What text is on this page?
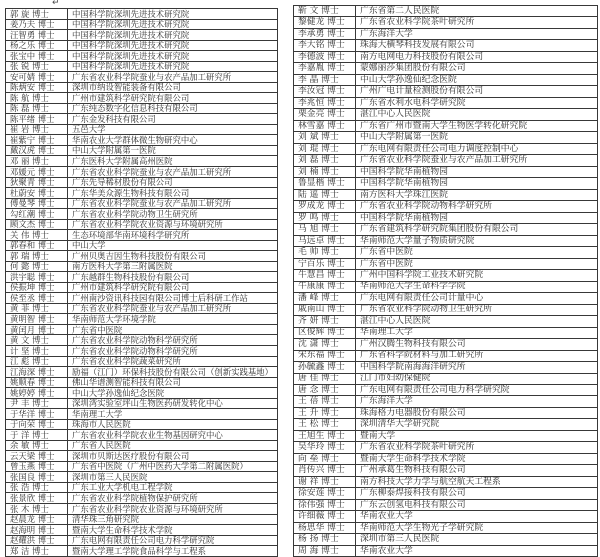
↵
郭 旋 博士	中国科学院深圳先进技术研究院
姜乃夫 博士	中国科学院深圳先进技术研究院
汪智勇 博士	中国科学院深圳先进技术研究院
杨之乐 博士	中国科学院深圳先进技术研究院
张宝中 博士	中国科学院深圳先进技术研究院
张 锐 博士	中国科学院深圳先进技术研究院
安可婧 博士	广东省农业科学院蚕业与农产品加工研究所
陈炳安 博士	深圳市纳设智能装备有限公司
陈 航 博士	广州市建筑科学研究院有限公司
陈 磊 博士	广东纯态数字化信息科技有限公司
陈平绪 博士	广东金发科技有限公司
崔 岩 博士	五邑大学
崔紫宁 博士	华南农业大学群体微生物研究中心
戴汉虎 博士	中山大学附属第一医院
邓 丽 博士	广东医科大学附属高州医院
邓媛元 博士	广东省农业科学院蚕业与农产品加工研究所
狄聚青 博士	广东先导稀材股份有限公司
杜蔚安 博士	广东华美众源生物科技有限公司
傅曼琴 博士	广东省农业科学院蚕业与农产品加工研究所
勾红潮 博士	广东省农业科学院动物卫生研究所
顾文杰 博士	广东省农业科学院农业资源与环境研究所
关 伟 博士	生态环境部华南环境科学研究所
郭春和 博士	中山大学
郭 瑞 博士	广州贝奥吉因生物科技股份有限公司
何 懿 博士	南方医科大学第三附属医院
洪宇聪 博士	广东越群生物科技股份有限公司
侯振坤 博士	广州市建筑科学研究院有限公司
侯至丞 博士	广州南沙资讯科技园有限公司博士后科研工作站
黄 菲 博士	广东省农业科学院蚕业与农产品加工研究所
黄明智 博士	华南师范大学环境学院
黄闰月 博士	广东省中医院
黄 文 博士	广东省农业科学院动物科学研究所
计 坚 博士	广东省农业科学院动物科学研究所
江 彪 博士	广东省农业科学院蔬菜研究所
江海深 博士	励福（江门）环保科技股份有限公司（创新实践基地）
姚顺春 博士	佛山华谱测智能科技有限公司
姚婷婷 博士	中山大学孙逸仙纪念医院
尹 丰 博士	深圳湾实验室坪山生物医药研发转化中心
于华洋 博士	华南理工大学
于向荣 博士	珠海市人民医院
于 洋 博士	广东省农业科学院农业生物基因研究中心
余 敏 博士	广东省人民医院
云天梁 博士	深圳市贝斯达医疗股份有限公司
曾玉燕 博士	广东省中医院（广州中医药大学第二附属医院）
张国良 博士	深圳市第三人民医院
张 浩 博士	广东工业大学机电工程学院
张景欣 博士	广东省农业科学院植物保护研究所
张 木 博士	广东省农业科学院农业资源与环境研究所
赵晨龙 博士	清华珠三角研究院
赵海明 博士	暨南大学生命科学技术学院
赵耀洪 博士	广东电网有限责任公司电力科学研究院
郑 洁 博士	暨南大学理工学院食品科学与工程系
靳 文 博士	广东省第二人民医院
黎健龙 博士	广东省农业科学院茶叶研究所
李承勇 博士	广东海洋大学
李大铭 博士	珠海大横琴科技发展有限公司
李德波 博士	南方电网电力科技股份有限公司
李嘉胤 博士	蒙娜丽莎集团股份有限公司
李 晶 博士	中山大学孙逸仙纪念医院
李汝冠 博士	广州广电计量检测股份有限公司
李兆恒 博士	广东省水利水电科学研究院
栗金亮 博士	湛江中心人民医院
林雪嘉 博士	广东省广州市暨南大学生物医学转化研究院
刘 斌 博士	中山大学附属第一医院
刘 琨 博士	广东电网有限责任公司电力调度控制中心
刘 磊 博士	广东省农业科学院蚕业与农产品加工研究所
刘 楠 博士	中国科学院华南植物园
鲁显楷 博士	中国科学院华南植物园
陆 遥 博士	南方医科大学珠江医院
罗成龙 博士	广东省农业科学院动物科学研究所
罗 鸣 博士	中国科学院华南植物园
马 旭 博士	广东省建筑科学研究院集团股份有限公司
马远卓 博士	华南师范大学量子物质研究院
毛 帅 博士	广东省中医院
宁百乐 博士	广东省中医院
牛慧昌 博士	广州中国科学院工业技术研究院
牛康康 博士	华南师范大学生命科学学院
潘 峰 博士	广东电网有限责任公司计量中心
戚南山 博士	广东省农业科学院动物卫生研究所
齐 妍 博士	湛江中心人民医院
区俊辉 博士	华南理工大学
沈 潇 博士	广州汉腾生物科技有限公司
宋东福 博士	广东省科学院材料与加工研究所
孙毓鑫 博士	中国科学院南海海洋研究所
唐 佳 博士	江门市妇幼保健院
唐 念 博士	广东电网有限责任公司电力科学研究院
王 蓓 博士	广东海洋大学
王 升 博士	珠海格力电器股份有限公司
王 松 博士	深圳清华大学研究院
王旭生 博士	暨南大学
吴华玲 博士	广东省农业科学院茶叶研究所
向 垒 博士	暨南大学生命科学技术学院
肖传兴 博士	广州承葛生物科技有限公司
谢 祥 博士	南方科技大学力学与航空航天工程系
徐安莲 博士	广东柳泰焊接科技有限公司
徐伟强 博士	广东云创氢电科技有限公司
许细薇 博士	华南农业大学
杨思华 博士	华南师范大学生物光子学研究院
杨 扬 博士	深圳市第三人民医院
周 海 博士	华南农业大学
